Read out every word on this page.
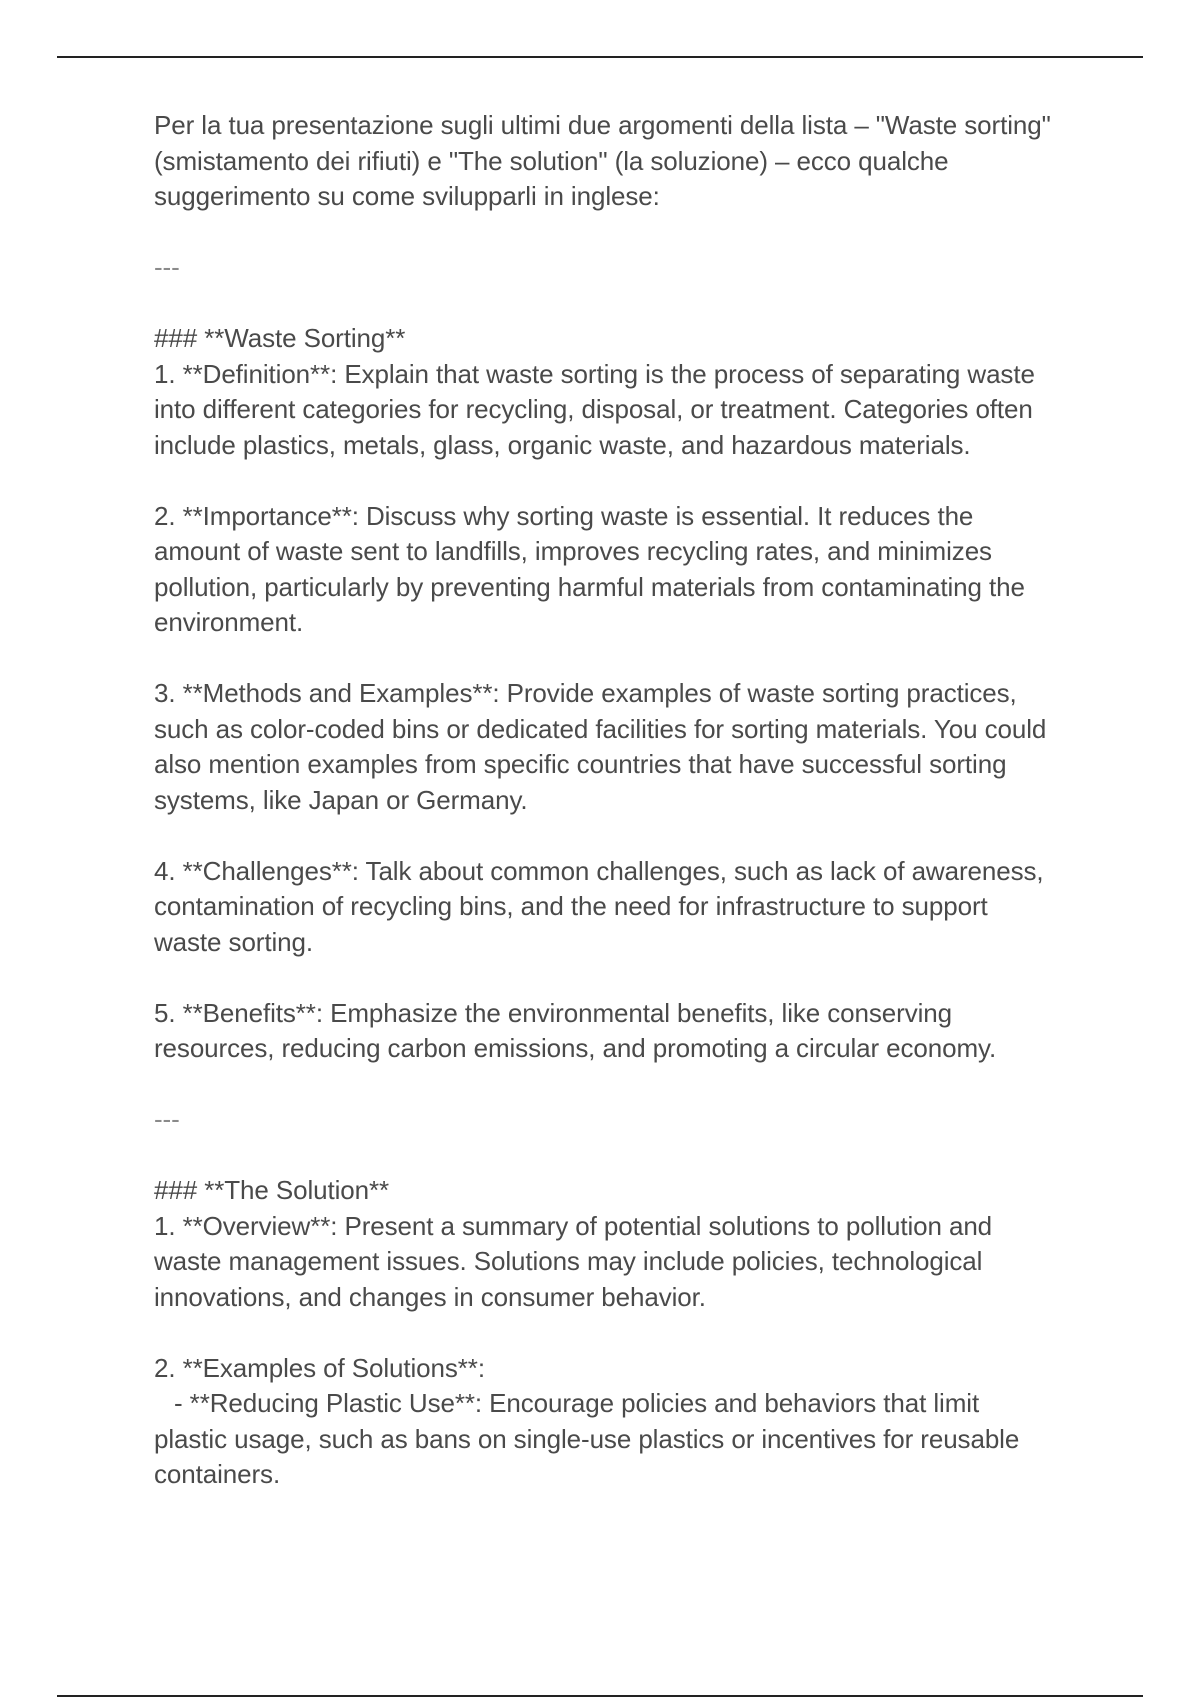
Per la tua presentazione sugli ultimi due argomenti della lista – "Waste sorting" (smistamento dei rifiuti) e "The solution" (la soluzione) – ecco qualche suggerimento su come svilupparli in inglese:

---

### **Waste Sorting**

1. **Definition**: Explain that waste sorting is the process of separating waste into different categories for recycling, disposal, or treatment. Categories often include plastics, metals, glass, organic waste, and hazardous materials.

2. **Importance**: Discuss why sorting waste is essential. It reduces the amount of waste sent to landfills, improves recycling rates, and minimizes pollution, particularly by preventing harmful materials from contaminating the environment.

3. **Methods and Examples**: Provide examples of waste sorting practices, such as color-coded bins or dedicated facilities for sorting materials. You could also mention examples from specific countries that have successful sorting systems, like Japan or Germany.

4. **Challenges**: Talk about common challenges, such as lack of awareness, contamination of recycling bins, and the need for infrastructure to support waste sorting.

5. **Benefits**: Emphasize the environmental benefits, like conserving resources, reducing carbon emissions, and promoting a circular economy.

---

### **The Solution**

1. **Overview**: Present a summary of potential solutions to pollution and waste management issues. Solutions may include policies, technological innovations, and changes in consumer behavior.

2. **Examples of Solutions**:

- **Reducing Plastic Use**: Encourage policies and behaviors that limit plastic usage, such as bans on single-use plastics or incentives for reusable containers.
